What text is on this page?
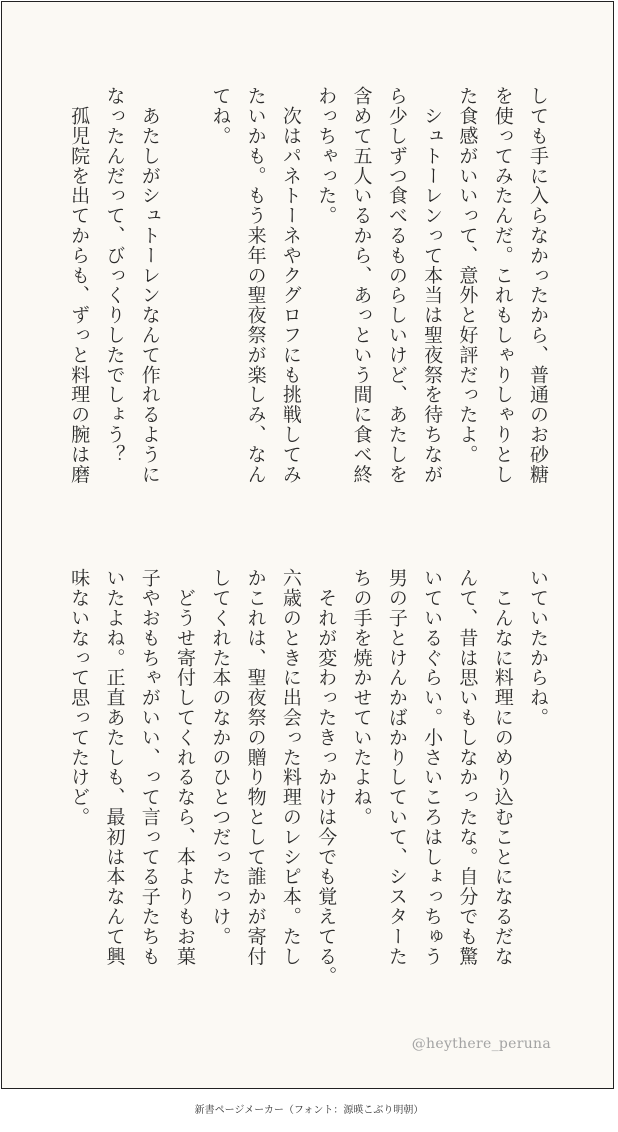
しても手に入らなかったから、普通のお砂糖
を使ってみたんだ。これもしゃりしゃりとし
た食感がいいって、意外と好評だったよ。
　シュトーレンって本当は聖夜祭を待ちなが
ら少しずつ食べるものらしいけど、あたしを
含めて五人いるから、あっという間に食べ終
わっちゃった。
　次はパネトーネやクグロフにも挑戦してみ
たいかも。もう来年の聖夜祭が楽しみ、なん
てね。

　あたしがシュトーレンなんて作れるように
なったんだって、びっくりしたでしょう？
　孤児院を出てからも、ずっと料理の腕は磨
いていたからね。
　こんなに料理にのめり込むことになるだな
んて、昔は思いもしなかったな。自分でも驚
いているぐらい。小さいころはしょっちゅう
男の子とけんかばかりしていて、シスターた
ちの手を焼かせていたよね。
　それが変わったきっかけは今でも覚えてる。
六歳のときに出会った料理のレシピ本。たし
かこれは、聖夜祭の贈り物として誰かが寄付
してくれた本のなかのひとつだったっけ。
　どうせ寄付してくれるなら、本よりもお菓
子やおもちゃがいい、って言ってる子たちも
いたよね。正直あたしも、最初は本なんて興
味ないなって思ってたけど。
@heythere_peruna
新書ページメーカー（フォント：源暎こぶり明朝）
